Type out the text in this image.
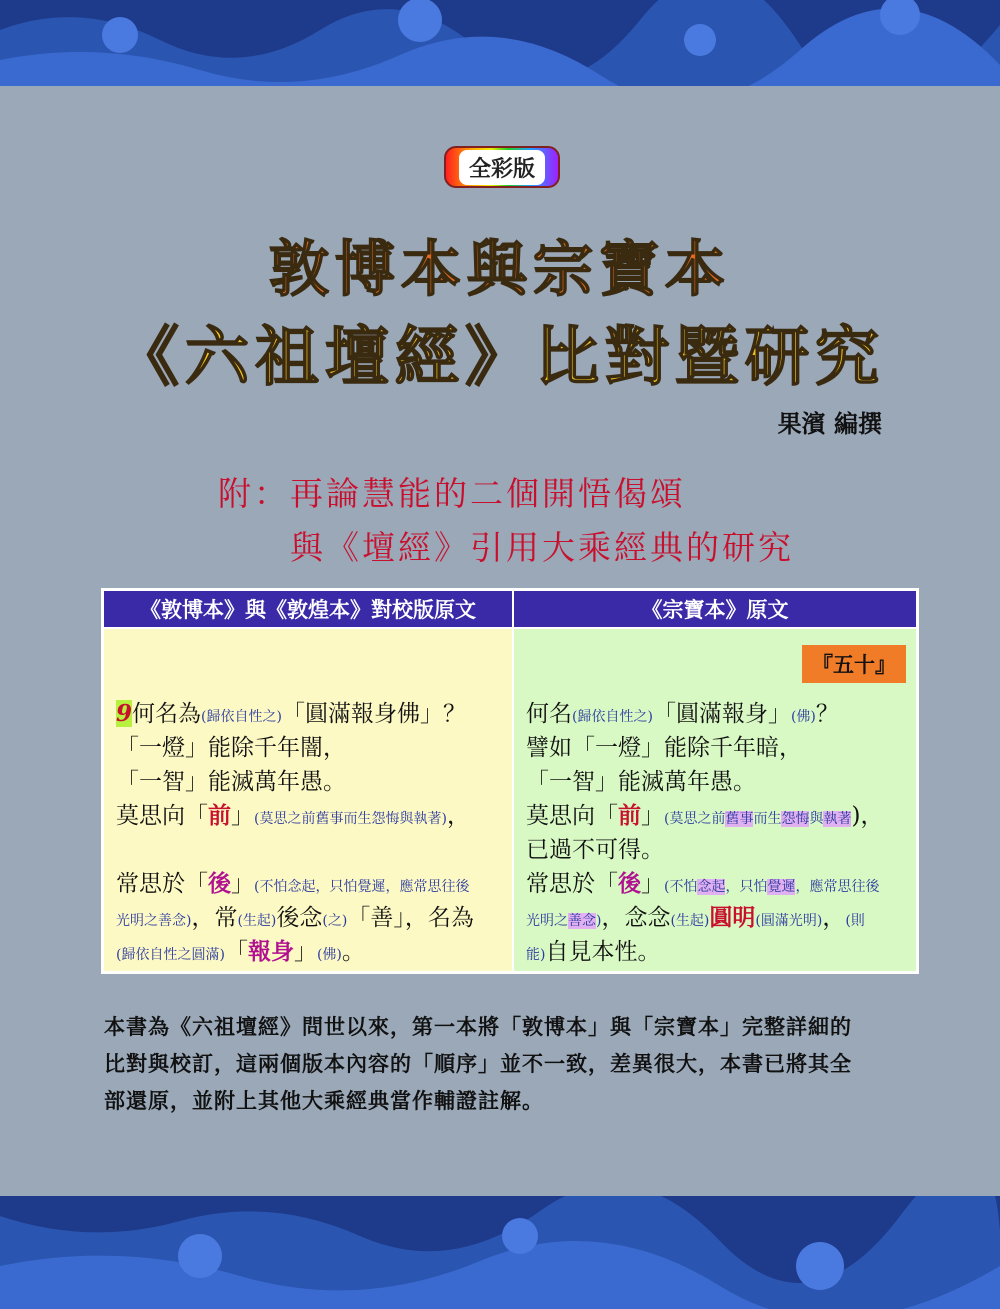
全彩版
敦博本與宗寶本
《六祖壇經》比對暨研究
果濱 編撰
附：再論慧能的二個開悟偈頌
與《壇經》引用大乘經典的研究
《敦博本》與《敦煌本》對校版原文	《宗寶本》原文
9何名為(歸依自性之)「圓滿報身佛」？
「一燈」能除千年闇，
「一智」能滅萬年愚。
莫思向「前」(莫思之前舊事而生怨悔與執著)，
常思於「後」(不怕念起，只怕覺遲，應常思往後
光明之善念)，常(生起)後念(之)「善」，名為
(歸依自性之圓滿)「報身」(佛)。
『五十』
何名(歸依自性之)「圓滿報身」(佛)？
譬如「一燈」能除千年暗，
「一智」能滅萬年愚。
莫思向「前」(莫思之前舊事而生怨悔與執著)，
已過不可得。
常思於「後」(不怕念起，只怕覺遲，應常思往後
光明之善念)，念念(生起)圓明(圓滿光明)，(則
能)自見本性。
本書為《六祖壇經》問世以來，第一本將「敦博本」與「宗寶本」完整詳細的
比對與校訂，這兩個版本內容的「順序」並不一致，差異很大，本書已將其全
部還原，並附上其他大乘經典當作輔證註解。
